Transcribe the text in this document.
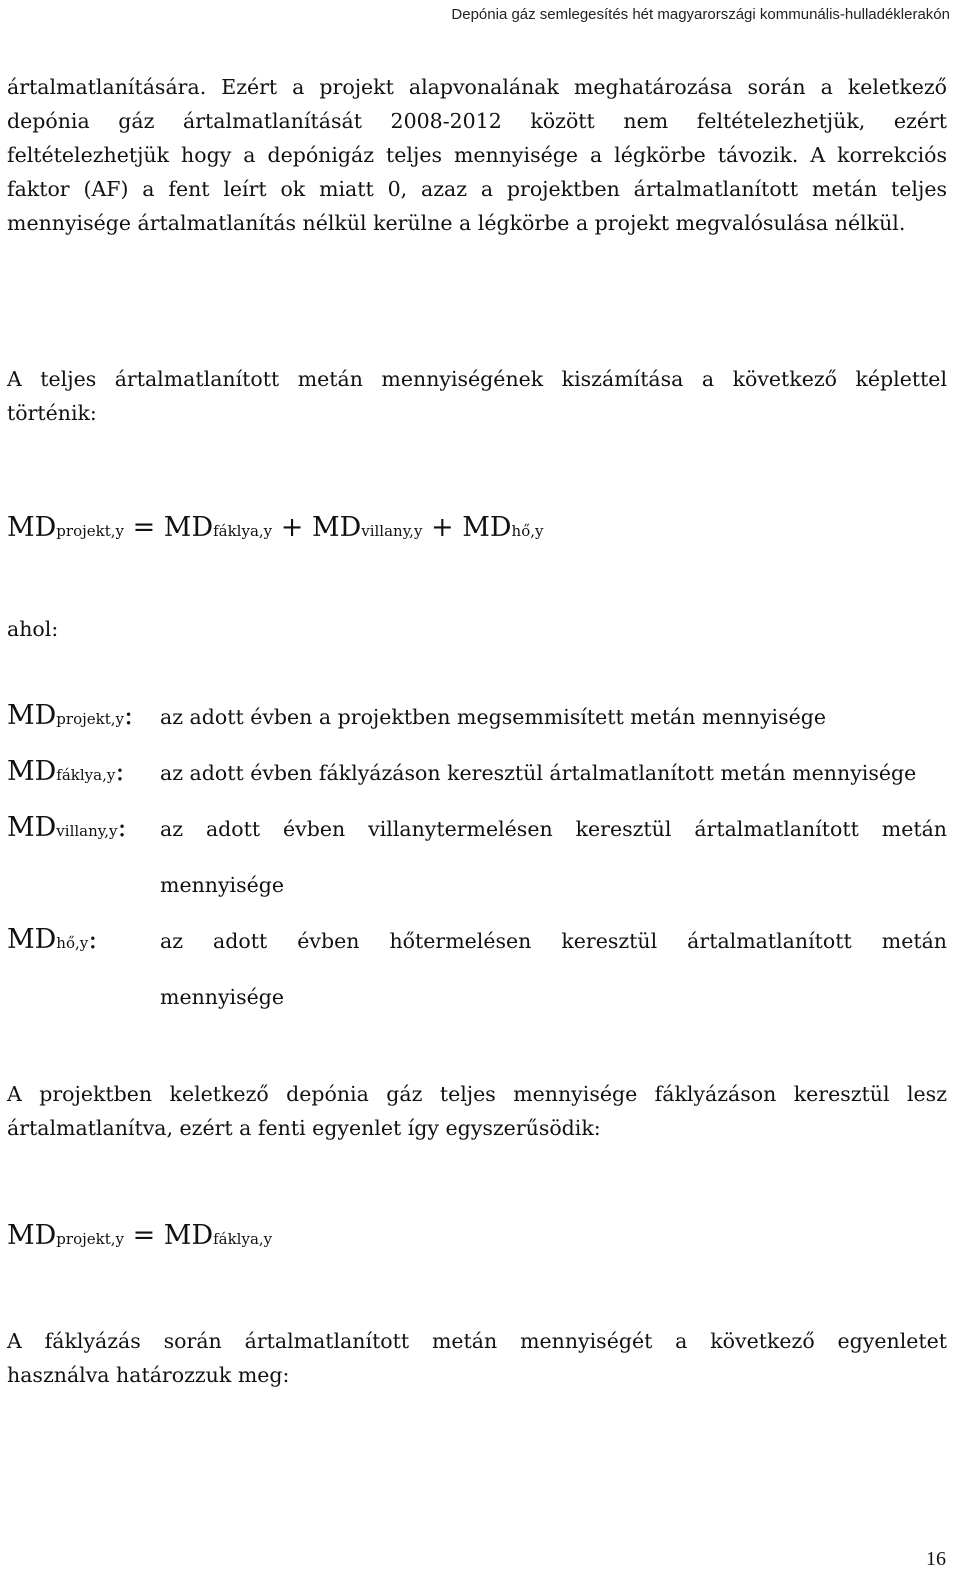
Depónia gáz semlegesítés hét magyarországi kommunális-hulladéklerakón
ártalmatlanítására. Ezért a projekt alapvonalának meghatározása során a keletkező
depónia gáz ártalmatlanítását 2008-2012 között nem feltételezhetjük, ezért
feltételezhetjük hogy a depónigáz teljes mennyisége a légkörbe távozik. A korrekciós
faktor (AF) a fent leírt ok miatt 0, azaz a projektben ártalmatlanított metán teljes
mennyisége ártalmatlanítás nélkül kerülne a légkörbe a projekt megvalósulása nélkül.
A teljes ártalmatlanított metán mennyiségének kiszámítása a következő képlettel
történik:
MDprojekt,y = MDfáklya,y + MDvillany,y + MDhő,y
ahol:
MDprojekt,y: az adott évben a projektben megsemmisített metán mennyisége
MDfáklya,y: az adott évben fáklyázáson keresztül ártalmatlanított metán mennyisége
MDvillany,y: az adott évben villanytermelésen keresztül ártalmatlanított metán
mennyisége
MDhő,y:	az adott évben hőtermelésen keresztül ártalmatlanított metán
mennyisége
A projektben keletkező depónia gáz teljes mennyisége fáklyázáson keresztül lesz
ártalmatlanítva, ezért a fenti egyenlet így egyszerűsödik:
MDprojekt,y = MDfáklya,y
A fáklyázás során ártalmatlanított metán mennyiségét a következő egyenletet
használva határozzuk meg:
16
